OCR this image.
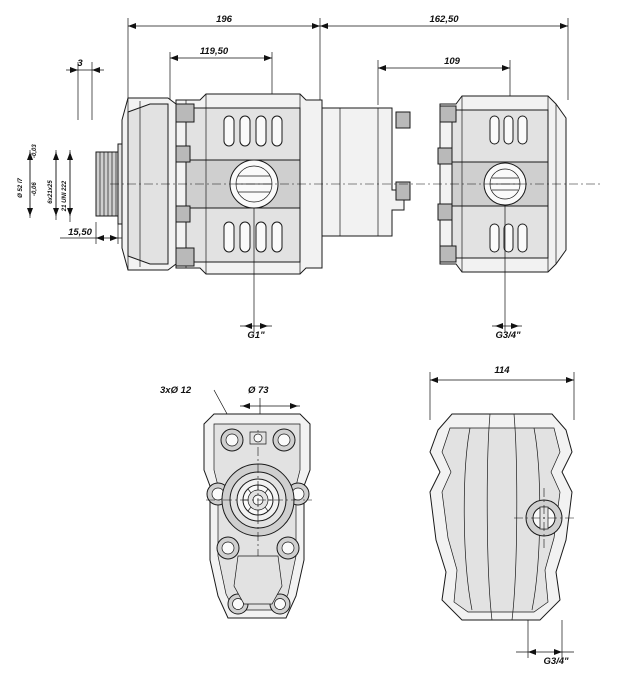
196	162,50
119,50
109
3
Ø 52 l7
-0,03
-0,06 6x21x25 21 UNI 222
15,50
G1"	G3/4"
3xØ 12	Ø 73
114
G3/4"
